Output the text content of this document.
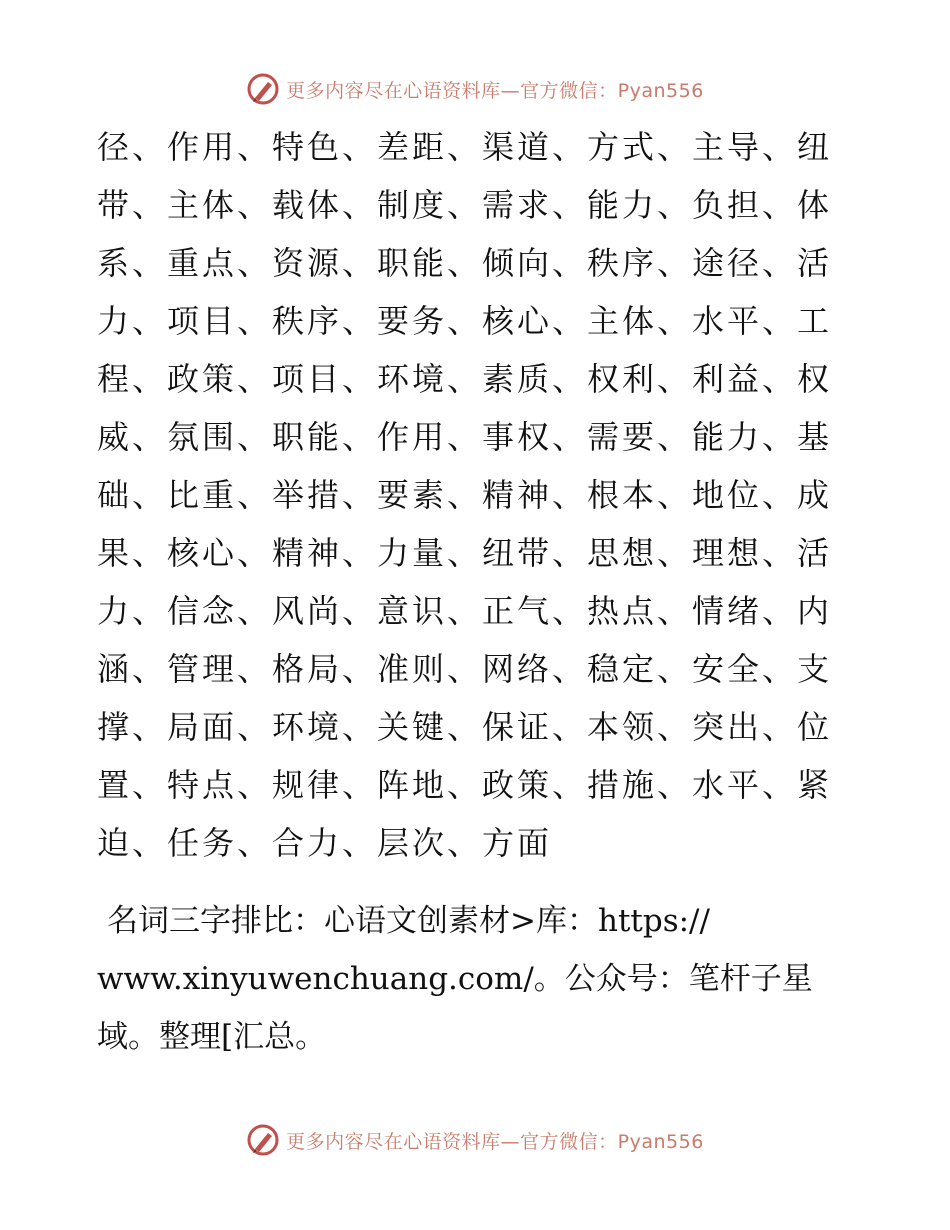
更多内容尽在心语资料库—官方微信：Pyan556
径、作用、特色、差距、渠道、方式、主导、纽
带、主体、载体、制度、需求、能力、负担、体
系、重点、资源、职能、倾向、秩序、途径、活
力、项目、秩序、要务、核心、主体、水平、工
程、政策、项目、环境、素质、权利、利益、权
威、氛围、职能、作用、事权、需要、能力、基
础、比重、举措、要素、精神、根本、地位、成
果、核心、精神、力量、纽带、思想、理想、活
力、信念、风尚、意识、正气、热点、情绪、内
涵、管理、格局、准则、网络、稳定、安全、支
撑、局面、环境、关键、保证、本领、突出、位
置、特点、规律、阵地、政策、措施、水平、紧
迫、任务、合力、层次、方面
名词三字排比：心语文创素材>库：https://
www.xinyuwenchuang.com/。公众号：笔杆子星
域。整理[汇总。
更多内容尽在心语资料库—官方微信：Pyan556
